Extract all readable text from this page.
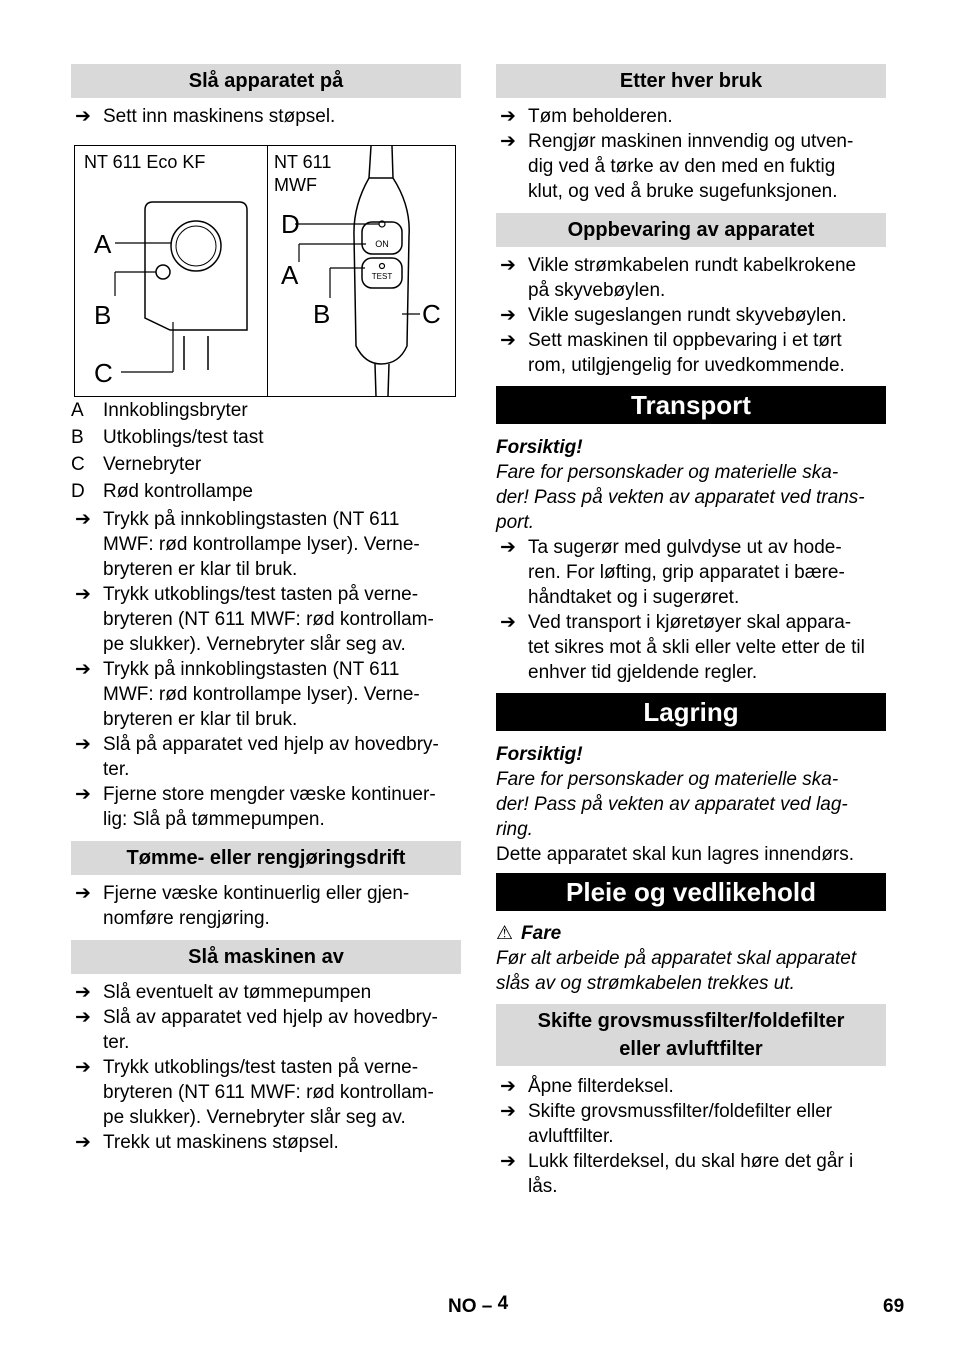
Slå apparatet på
➔ Sett inn maskinens støpsel.
NT 611 Eco KF	NT 611
MWF
ON
TEST
A
B
C
D
A
B	C
A Innkoblingsbryter
B Utkoblings/test tast
C Vernebryter
D Rød kontrollampe
➔ Trykk på innkoblingstasten (NT 611
MWF: rød kontrollampe lyser). Verne-
bryteren er klar til bruk.
➔ Trykk utkoblings/test tasten på verne-
bryteren (NT 611 MWF: rød kontrollam-
pe slukker). Vernebryter slår seg av.
➔ Trykk på innkoblingstasten (NT 611
MWF: rød kontrollampe lyser). Verne-
bryteren er klar til bruk.
➔ Slå på apparatet ved hjelp av hovedbry-
ter.
➔ Fjerne store mengder væske kontinuer-
lig: Slå på tømmepumpen.
Tømme- eller rengjøringsdrift
➔ Fjerne væske kontinuerlig eller gjen-
nomføre rengjøring.
Slå maskinen av
➔ Slå eventuelt av tømmepumpen
➔ Slå av apparatet ved hjelp av hovedbry-
ter.
➔ Trykk utkoblings/test tasten på verne-
bryteren (NT 611 MWF: rød kontrollam-
pe slukker). Vernebryter slår seg av.
➔ Trekk ut maskinens støpsel.
Etter hver bruk
➔ Tøm beholderen.
➔ Rengjør maskinen innvendig og utven-
dig ved å tørke av den med en fuktig
klut, og ved å bruke sugefunksjonen.
Oppbevaring av apparatet
➔ Vikle strømkabelen rundt kabelkrokene
på skyvebøylen.
➔ Vikle sugeslangen rundt skyvebøylen.
➔ Sett maskinen til oppbevaring i et tørt
rom, utilgjengelig for uvedkommende.
Transport
Forsiktig!
Fare for personskader og materielle ska-
der! Pass på vekten av apparatet ved trans-
port.
➔ Ta sugerør med gulvdyse ut av hode-
ren. For løfting, grip apparatet i bære-
håndtaket og i sugerøret.
➔ Ved transport i kjøretøyer skal appara-
tet sikres mot å skli eller velte etter de til
enhver tid gjeldende regler.
Lagring
Forsiktig!
Fare for personskader og materielle ska-
der! Pass på vekten av apparatet ved lag-
ring.
Dette apparatet skal kun lagres innendørs.
Pleie og vedlikehold
⚠ Fare
Før alt arbeide på apparatet skal apparatet
slås av og strømkabelen trekkes ut.
Skifte grovsmussfilter/foldefilter
eller avluftfilter
➔ Åpne filterdeksel.
➔ Skifte grovsmussfilter/foldefilter eller
avluftfilter.
➔ Lukk filterdeksel, du skal høre det går i
lås.
NO – 4	69
